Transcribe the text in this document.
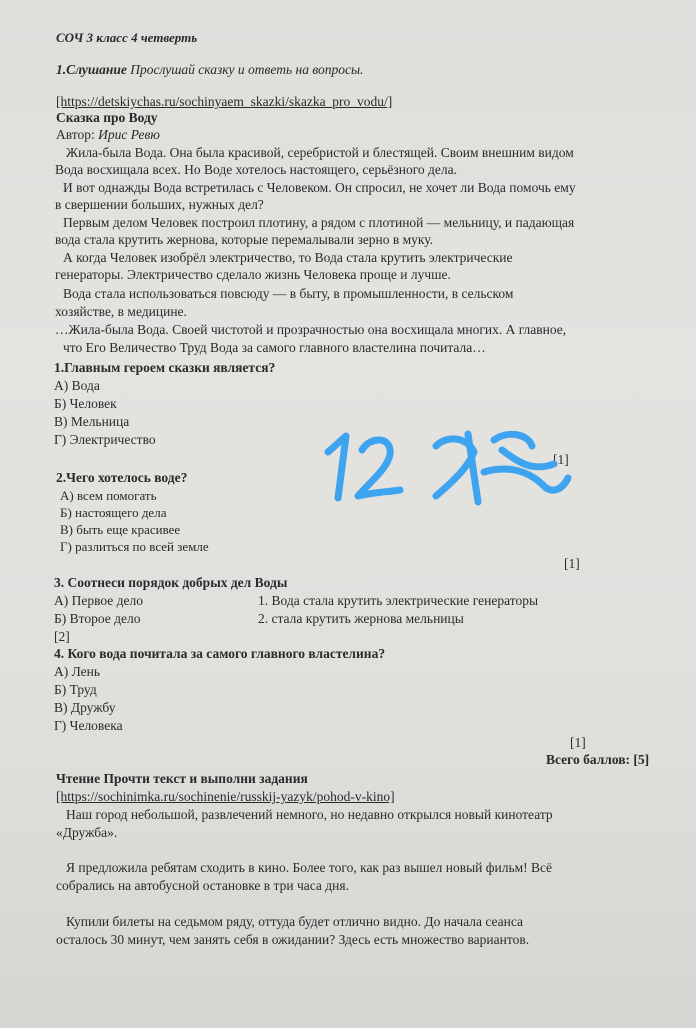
СОЧ 3 класс 4 четверть
1.Слушание Прослушай сказку и ответь на вопросы.
[https://detskiychas.ru/sochinyaem_skazki/skazka_pro_vodu/]
Сказка про Воду
Автор: Ирис Ревю
Жила-была Вода. Она была красивой, серебристой и блестящей. Своим внешним видом
Вода восхищала всех. Но Воде хотелось настоящего, серьёзного дела.
И вот однажды Вода встретилась с Человеком. Он спросил, не хочет ли Вода помочь ему
в свершении больших, нужных дел?
Первым делом Человек построил плотину, а рядом с плотиной — мельницу, и падающая
вода стала крутить жернова, которые перемалывали зерно в муку.
А когда Человек изобрёл электричество, то Вода стала крутить электрические
генераторы. Электричество сделало жизнь Человека проще и лучше.
Вода стала использоваться повсюду — в быту, в промышленности, в сельском
хозяйстве, в медицине.
…Жила-была Вода. Своей чистотой и прозрачностью она восхищала многих. А главное,
что Его Величество Труд Вода за самого главного властелина почитала…
1.Главным героем сказки является?
А) Вода
Б) Человек
В) Мельница
Г) Электричество
[1]
2.Чего хотелось воде?
А) всем помогать
Б) настоящего дела
В) быть еще красивее
Г) разлиться по всей земле
[1]
3. Соотнеси порядок добрых дел Воды
А) Первое дело	1. Вода стала крутить электрические генераторы
Б) Второе дело	2. стала крутить жернова мельницы
[2]
4. Кого вода почитала за самого главного властелина?
А) Лень
Б) Труд
В) Дружбу
Г) Человека
[1]
Всего баллов: [5]
Чтение Прочти текст и выполни задания
[https://sochinimka.ru/sochinenie/russkij-yazyk/pohod-v-kino]
Наш город небольшой, развлечений немного, но недавно открылся новый кинотеатр
«Дружба».
Я предложила ребятам сходить в кино. Более того, как раз вышел новый фильм! Всё
собрались на автобусной остановке в три часа дня.
Купили билеты на седьмом ряду, оттуда будет отлично видно. До начала сеанса
осталось 30 минут, чем занять себя в ожидании? Здесь есть множество вариантов.
